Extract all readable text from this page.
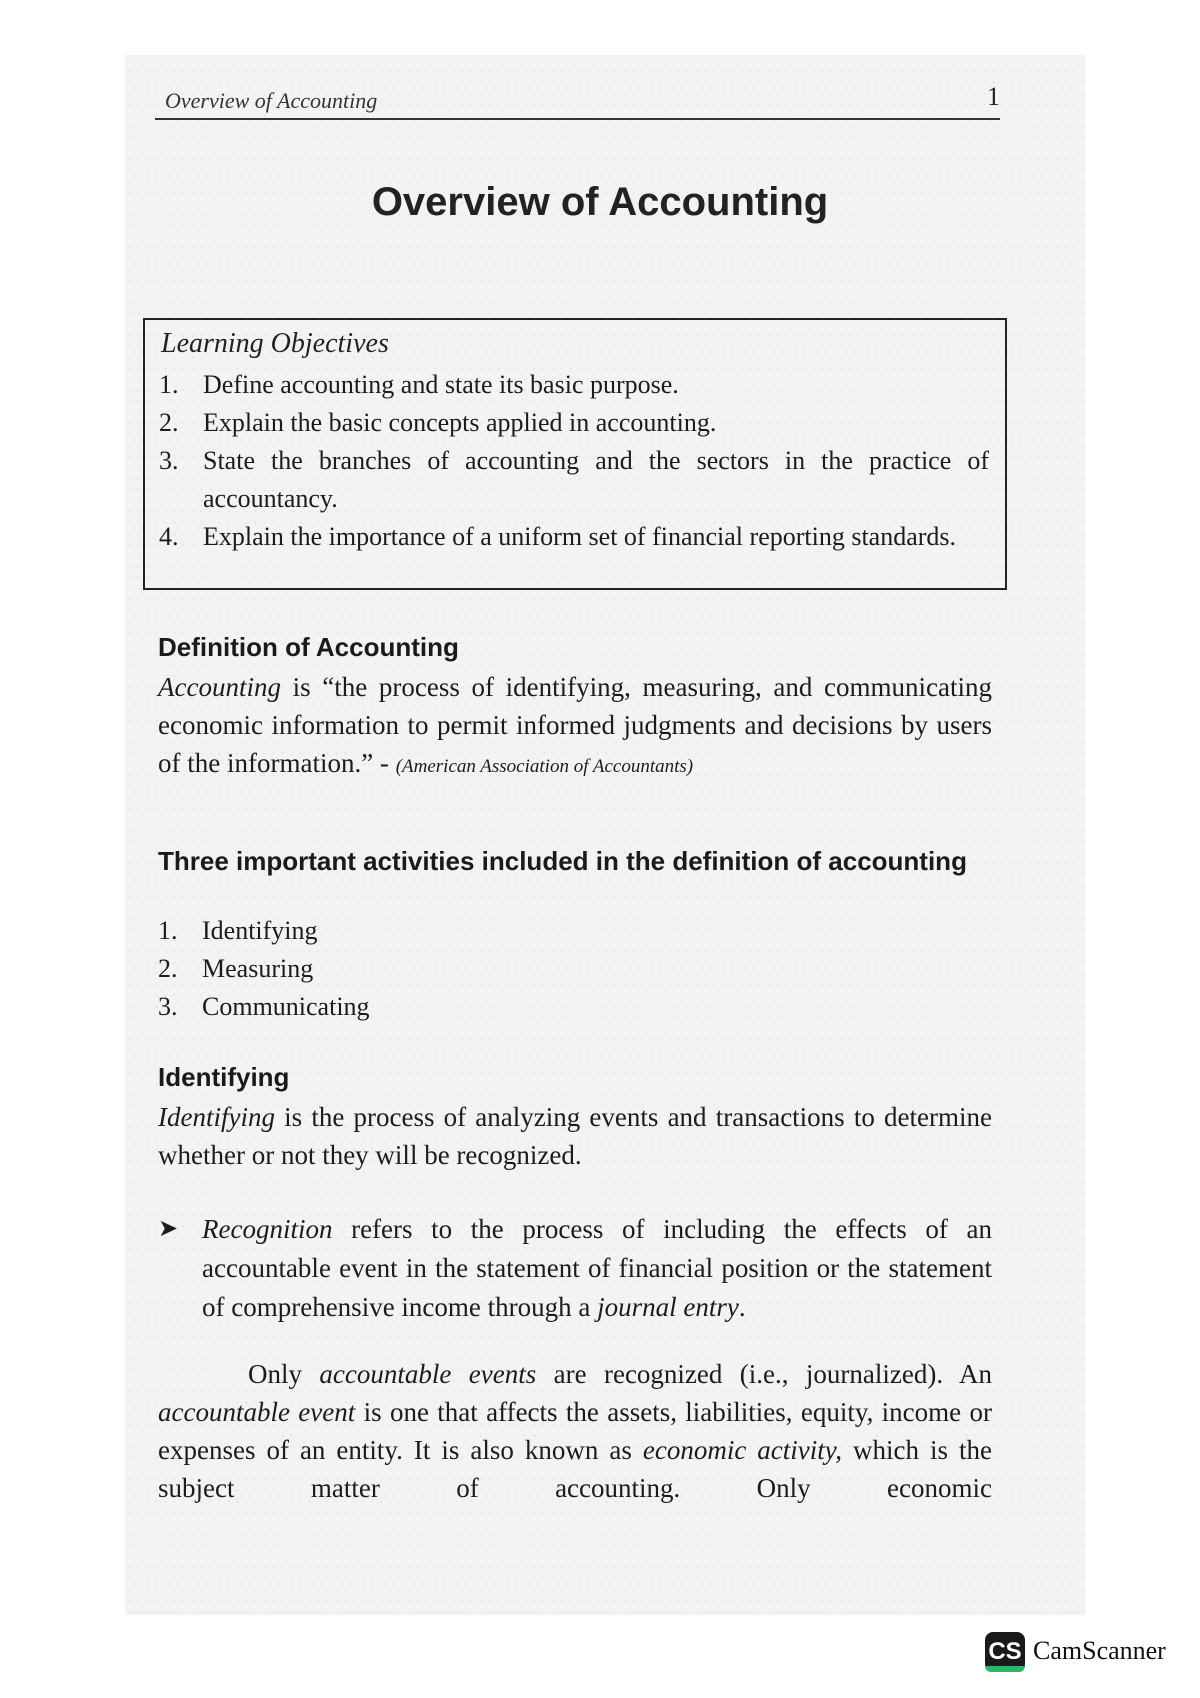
Overview of Accounting	1
Overview of Accounting
Learning Objectives
1. Define accounting and state its basic purpose.
2. Explain the basic concepts applied in accounting.
3. State the branches of accounting and the sectors in the practice of accountancy.
4. Explain the importance of a uniform set of financial reporting standards.
Definition of Accounting
Accounting is “the process of identifying, measuring, and communicating economic information to permit informed judgments and decisions by users of the information.” - (American Association of Accountants)
Three important activities included in the definition of accounting
1. Identifying
2. Measuring
3. Communicating
Identifying
Identifying is the process of analyzing events and transactions to determine whether or not they will be recognized.
➤ Recognition refers to the process of including the effects of an accountable event in the statement of financial position or the statement of comprehensive income through a journal entry.
Only accountable events are recognized (i.e., journalized). An accountable event is one that affects the assets, liabilities, equity, income or expenses of an entity. It is also known as economic activity, which is the subject matter of accounting. Only economic
CS CamScanner
